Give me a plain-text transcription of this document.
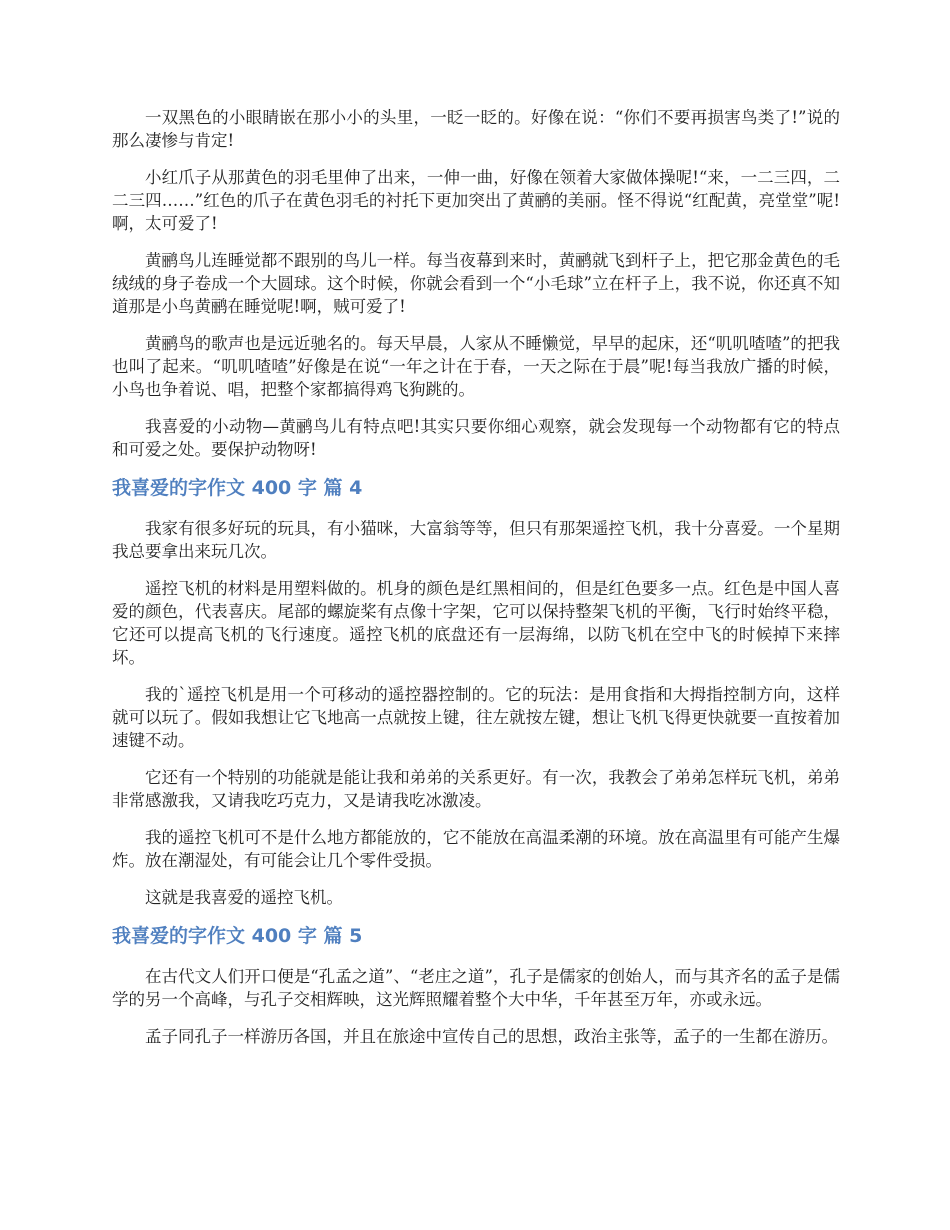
一双黑色的小眼睛嵌在那小小的头里，一眨一眨的。好像在说：“你们不要再损害鸟类了!”说的那么凄惨与肯定!

小红爪子从那黄色的羽毛里伸了出来，一伸一曲，好像在领着大家做体操呢!“来，一二三四，二二三四……”红色的爪子在黄色羽毛的衬托下更加突出了黄鹂的美丽。怪不得说“红配黄，亮堂堂”呢!啊，太可爱了!

黄鹂鸟儿连睡觉都不跟别的鸟儿一样。每当夜幕到来时，黄鹂就飞到杆子上，把它那金黄色的毛绒绒的身子卷成一个大圆球。这个时候，你就会看到一个“小毛球”立在杆子上，我不说，你还真不知道那是小鸟黄鹂在睡觉呢!啊，贼可爱了!

黄鹂鸟的歌声也是远近驰名的。每天早晨，人家从不睡懒觉，早早的起床，还“叽叽喳喳”的把我也叫了起来。“叽叽喳喳”好像是在说“一年之计在于春，一天之际在于晨”呢!每当我放广播的时候，小鸟也争着说、唱，把整个家都搞得鸡飞狗跳的。

我喜爱的小动物—黄鹂鸟儿有特点吧!其实只要你细心观察，就会发现每一个动物都有它的特点和可爱之处。要保护动物呀!

我喜爱的字作文 400 字 篇 4

我家有很多好玩的玩具，有小猫咪，大富翁等等，但只有那架遥控飞机，我十分喜爱。一个星期我总要拿出来玩几次。

遥控飞机的材料是用塑料做的。机身的颜色是红黑相间的，但是红色要多一点。红色是中国人喜爱的颜色，代表喜庆。尾部的螺旋桨有点像十字架，它可以保持整架飞机的平衡，飞行时始终平稳，它还可以提高飞机的飞行速度。遥控飞机的底盘还有一层海绵，以防飞机在空中飞的时候掉下来摔坏。

我的`遥控飞机是用一个可移动的遥控器控制的。它的玩法：是用食指和大拇指控制方向，这样就可以玩了。假如我想让它飞地高一点就按上键，往左就按左键，想让飞机飞得更快就要一直按着加速键不动。

它还有一个特别的功能就是能让我和弟弟的关系更好。有一次，我教会了弟弟怎样玩飞机，弟弟非常感激我，又请我吃巧克力，又是请我吃冰激凌。

我的遥控飞机可不是什么地方都能放的，它不能放在高温柔潮的环境。放在高温里有可能产生爆炸。放在潮湿处，有可能会让几个零件受损。

这就是我喜爱的遥控飞机。

我喜爱的字作文 400 字 篇 5

在古代文人们开口便是“孔孟之道”、“老庄之道”，孔子是儒家的创始人，而与其齐名的孟子是儒学的另一个高峰，与孔子交相辉映，这光辉照耀着整个大中华，千年甚至万年，亦或永远。

孟子同孔子一样游历各国，并且在旅途中宣传自己的思想，政治主张等，孟子的一生都在游历。
